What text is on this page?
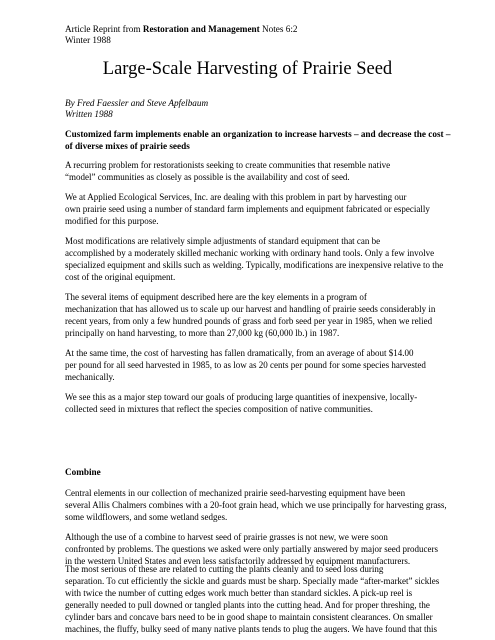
Article Reprint from Restoration and Management Notes 6:2
Winter 1988
Large-Scale Harvesting of Prairie Seed
By Fred Faessler and Steve Apfelbaum
Written 1988
Customized farm implements enable an organization to increase harvests – and decrease the cost –
of diverse mixes of prairie seeds
A recurring problem for restorationists seeking to create communities that resemble native
“model” communities as closely as possible is the availability and cost of seed.
We at Applied Ecological Services, Inc. are dealing with this problem in part by harvesting our
own prairie seed using a number of standard farm implements and equipment fabricated or especially
modified for this purpose.
Most modifications are relatively simple adjustments of standard equipment that can be
accomplished by a moderately skilled mechanic working with ordinary hand tools. Only a few involve
specialized equipment and skills such as welding. Typically, modifications are inexpensive relative to the
cost of the original equipment.
The several items of equipment described here are the key elements in a program of
mechanization that has allowed us to scale up our harvest and handling of prairie seeds considerably in
recent years, from only a few hundred pounds of grass and forb seed per year in 1985, when we relied
principally on hand harvesting, to more than 27,000 kg (60,000 lb.) in 1987.
At the same time, the cost of harvesting has fallen dramatically, from an average of about $14.00
per pound for all seed harvested in 1985, to as low as 20 cents per pound for some species harvested
mechanically.
We see this as a major step toward our goals of producing large quantities of inexpensive, locally-
collected seed in mixtures that reflect the species composition of native communities.
Combine
Central elements in our collection of mechanized prairie seed-harvesting equipment have been
several Allis Chalmers combines with a 20-foot grain head, which we use principally for harvesting grass,
some wildflowers, and some wetland sedges.
Although the use of a combine to harvest seed of prairie grasses is not new, we were soon
confronted by problems. The questions we asked were only partially answered by major seed producers
in the western United States and even less satisfactorily addressed by equipment manufacturers.
The most serious of these are related to cutting the plants cleanly and to seed loss during
separation. To cut efficiently the sickle and guards must be sharp. Specially made “after-market” sickles
with twice the number of cutting edges work much better than standard sickles. A pick-up reel is
generally needed to pull downed or tangled plants into the cutting head. And for proper threshing, the
cylinder bars and concave bars need to be in good shape to maintain consistent clearances. On smaller
machines, the fluffy, bulky seed of many native plants tends to plug the augers. We have found that this
